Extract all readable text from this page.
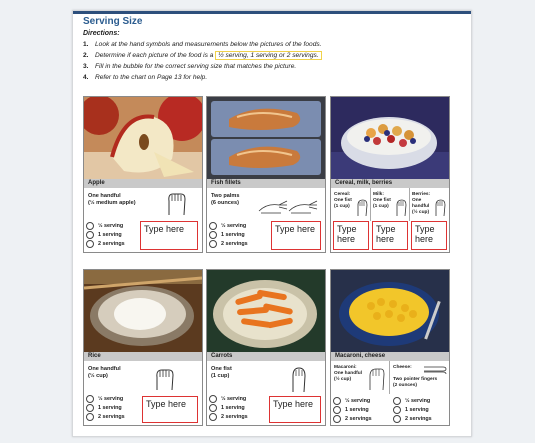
Serving Size
Directions:
1. Look at the hand symbols and measurements below the pictures of the foods.
2. Determine if each picture of the food is a ½ serving, 1 serving or 2 servings.
3. Fill in the bubble for the correct serving size that matches the picture.
4. Refer to the chart on Page 13 for help.
Apple
One handful
(½ medium apple)
½ serving
1 serving
2 servings
Type here
Fish fillets
Two palms
(6 ounces)
½ serving
1 serving
2 servings
Type here
Cereal, milk, berries
Cereal:
One fist
(1 cup)
Milk:
One fist
(1 cup)
Berries:
One
handful
(½ cup)
Type here
Type here
Type here
Rice
One handful
(½ cup)
½ serving
1 serving
2 servings
Type here
Carrots
One fist
(1 cup)
½ serving
1 serving
2 servings
Type here
Macaroni, cheese
Macaroni:
One handful
(½ cup)
Cheese:

Two pointer fingers
(2 ounces)
½ serving
1 serving
2 servings
½ serving
1 serving
2 servings
